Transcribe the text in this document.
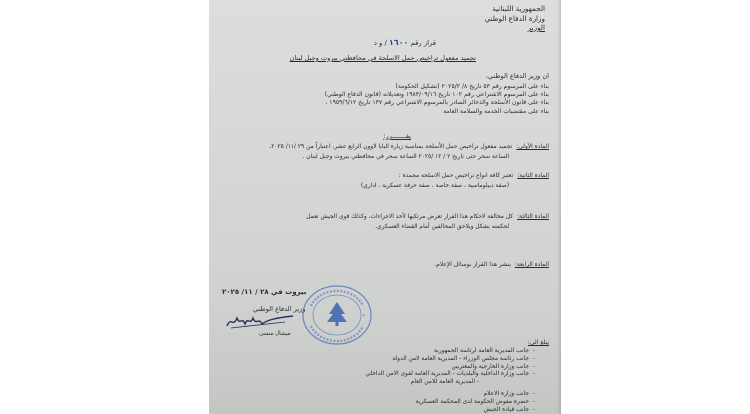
الجمهورية اللبنانية
وزارة الدفاع الوطني
الوزير
قرار رقم ١٦٠٠ / و د
تجميد مفعول تراخيص حمل الاسلحة في محافظتي بيروت وجبل لبنان
ان وزير الدفاع الوطني،
بناء على المرسوم رقم ٥٣ تاريخ ٨/ ٢٠٢٥/٢ (تشكيل الحكومة)
بناء على المرسوم الاشتراعي رقم ١٠٢ تاريخ ١٩٨٣/٠٩/١٦ وتعديلاته (قانون الدفاع الوطني)
بناء على قانون الأسلحة والذخائر الصادر بالمرسوم الاشتراعي رقم ١٣٧ تاريخ ١٩٥٩/٦/١٢ ،
بناء على مقتضيات الخدمة والسلامة العامة
يقـــــــرر:
المادة الأولى:تجميد مفعول تراخيص حمل الأسلحة بمناسبة زيارة البابا لاوون الرابع عشر، اعتباراً من ٢٩ /١١/ ٢٠٢٥،
الساعة سحر حتى تاريخ ٢ / ١٢ /٢٠٢٥ الساعة سحر في محافظتي بيروت وجبل لبنان .
المادة الثانية:تعتبر كافة انواع تراخيص حمل الاسلحة مجمدة :
(صفة ديبلوماسية ، صفة خاصة ، صفة حرفة عسكرية ، اداري)
المادة الثالثة:كل مخالفة لاحكام هذا القرار تعرض مرتكبها لأخذ الاجراءات، وكذلك قوى الجيش تعمل
لحكمته بشكل ويلاحق المخالفين أمام القضاء العسكري.
المادة الرابعة:ينشر هذا القرار بوسائل الإعلام.
بيروت في ٢٨ / ١١/ ٢٠٢٥
وزير الدفاع الوطني
ميشال منسى
*
يبلغ الى:
-جانب المديرية العامة لرئاسة الجمهورية
-جانب رئاسة مجلس الوزراء - المديرية العامة لامن الدولة
-جانب وزارة الخارجية والمغتربين
-جانب وزارة الداخلية والبلديات - المديرية العامة لقوى الامن الداخلي
- المديرية العامة للامن العام
-جانب وزارة الاعلام
-حضرة مفوض الحكومة لدى المحكمة العسكرية
-جانب قيادة الجيش
